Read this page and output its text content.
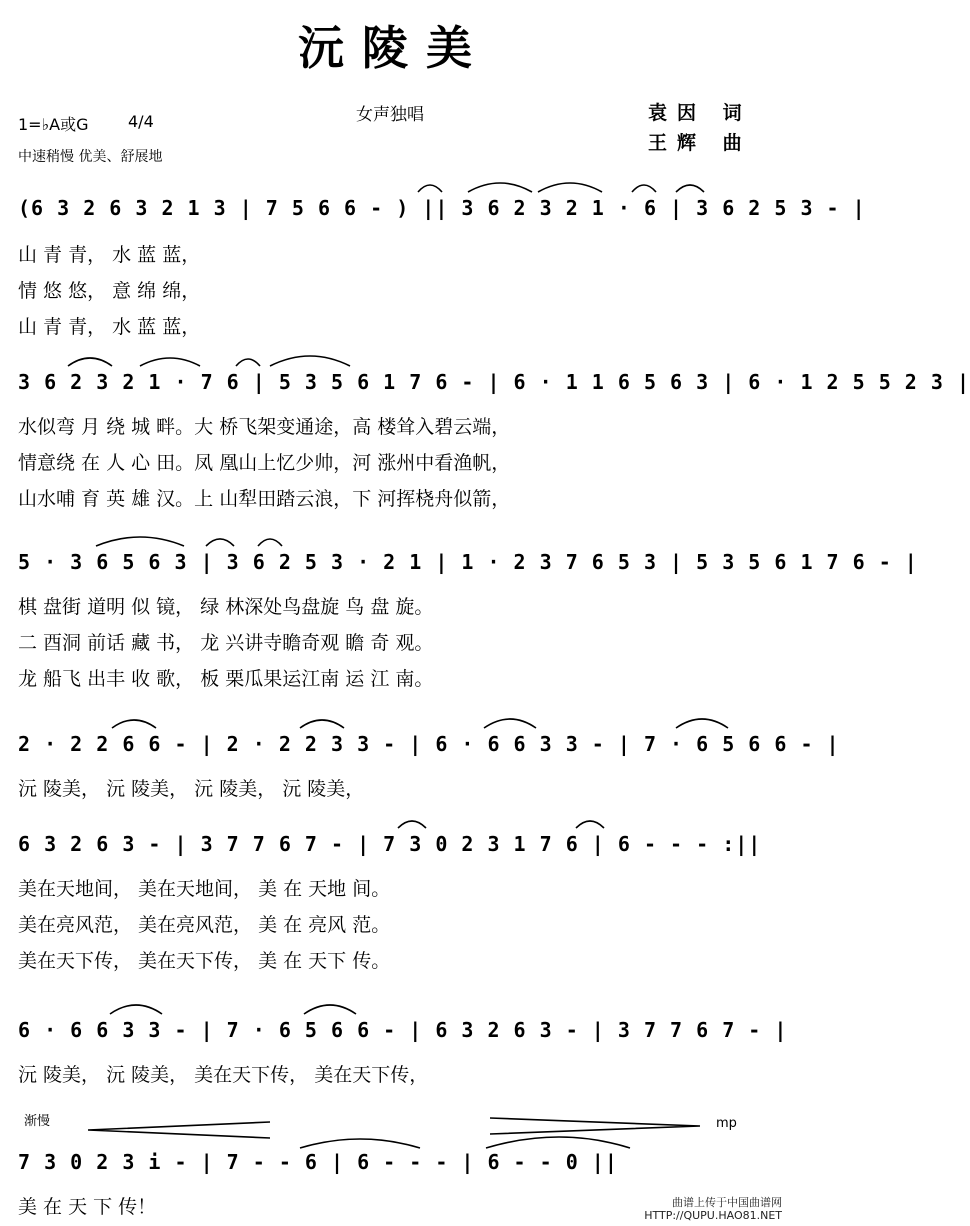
沅陵美
1=♭A或G 4/4
中速稍慢 优美、舒展地
女声独唱	袁因 词
王辉 曲
(6 3 2 6 3 2 1 3 | 7 5 6 6 - ) || 3 6 2 3 2 1 · 6 | 3 6 2 5 3 - |
山 青 青， 水 蓝 蓝，
情 悠 悠， 意 绵 绵，
山 青 青， 水 蓝 蓝，
3 6 2 3 2 1 · 7 6 | 5 3 5 6 1 7 6 - | 6 · 1 1 6 5 6 3 | 6 · 1 2 5 5 2 3 |
水似弯 月 绕 城 畔。大 桥飞架变通途，高 楼耸入碧云端，
情意绕 在 人 心 田。凤 凰山上忆少帅，河 涨州中看渔帆，
山水哺 育 英 雄 汉。上 山犁田踏云浪，下 河挥桡舟似箭，
5 · 3 6 5 6 3 | 3 6 2 5 3 · 2 1 | 1 · 2 3 7 6 5 3 | 5 3 5 6 1 7 6 - |
棋 盘街 道明 似 镜， 绿 林深处鸟盘旋 鸟 盘 旋。
二 酉洞 前话 藏 书， 龙 兴讲寺瞻奇观 瞻 奇 观。
龙 船飞 出丰 收 歌， 板 栗瓜果运江南 运 江 南。
2 · 2 2 6 6 - | 2 · 2 2 3 3 - | 6 · 6 6 3 3 - | 7 · 6 5 6 6 - |
沅 陵美， 沅 陵美， 沅 陵美， 沅 陵美，
6 3 2 6 3 - | 3 7 7 6 7 - | 7 3 0 2 3 1 7 6 | 6 - - - :||
美在天地间， 美在天地间， 美 在 天地 间。
美在亮风范， 美在亮风范， 美 在 亮风 范。
美在天下传， 美在天下传， 美 在 天下 传。
6 · 6 6 3 3 - | 7 · 6 5 6 6 - | 6 3 2 6 3 - | 3 7 7 6 7 - |
沅 陵美， 沅 陵美， 美在天下传， 美在天下传，
渐慢	mp
7 3 0 2 3 i - | 7 - - 6 | 6 - - - | 6 - - 0 ||
美 在 天 下 传！	曲谱上传于中国曲谱网
HTTP://QUPU.HAO81.NET
